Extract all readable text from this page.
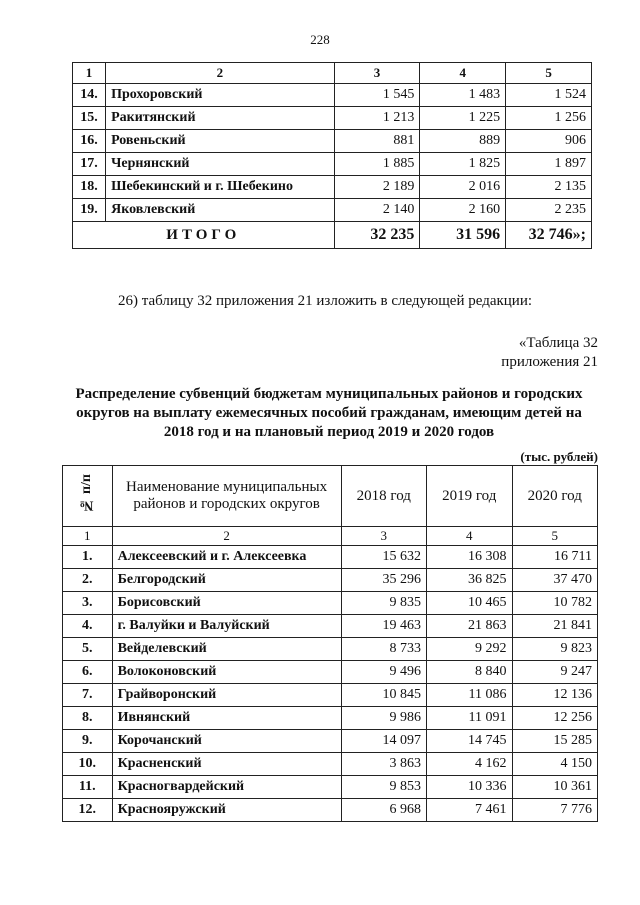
228
1	2	3	4	5
14.	Прохоровский	1 545	1 483	1 524
15.	Ракитянский	1 213	1 225	1 256
16.	Ровеньский	881	889	906
17.	Чернянский	1 885	1 825	1 897
18.	Шебекинский и г. Шебекино	2 189	2 016	2 135
19.	Яковлевский	2 140	2 160	2 235
ИТОГО		32 235	31 596	32 746»;
26) таблицу 32 приложения 21 изложить в следующей редакции:
«Таблица 32
приложения 21
Распределение субвенций бюджетам муниципальных районов и городских округов на выплату ежемесячных пособий гражданам, имеющим детей на 2018 год и на плановый период 2019 и 2020 годов
(тыс. рублей)
№ п/п	Наименование муниципальных районов и городских округов	2018 год	2019 год	2020 год
1	2	3	4	5
1.	Алексеевский и г. Алексеевка	15 632	16 308	16 711
2.	Белгородский	35 296	36 825	37 470
3.	Борисовский	9 835	10 465	10 782
4.	г. Валуйки и Валуйский	19 463	21 863	21 841
5.	Вейделевский	8 733	9 292	9 823
6.	Волоконовский	9 496	8 840	9 247
7.	Грайворонский	10 845	11 086	12 136
8.	Ивнянский	9 986	11 091	12 256
9.	Корочанский	14 097	14 745	15 285
10.	Красненский	3 863	4 162	4 150
11.	Красногвардейский	9 853	10 336	10 361
12.	Краснояружский	6 968	7 461	7 776
